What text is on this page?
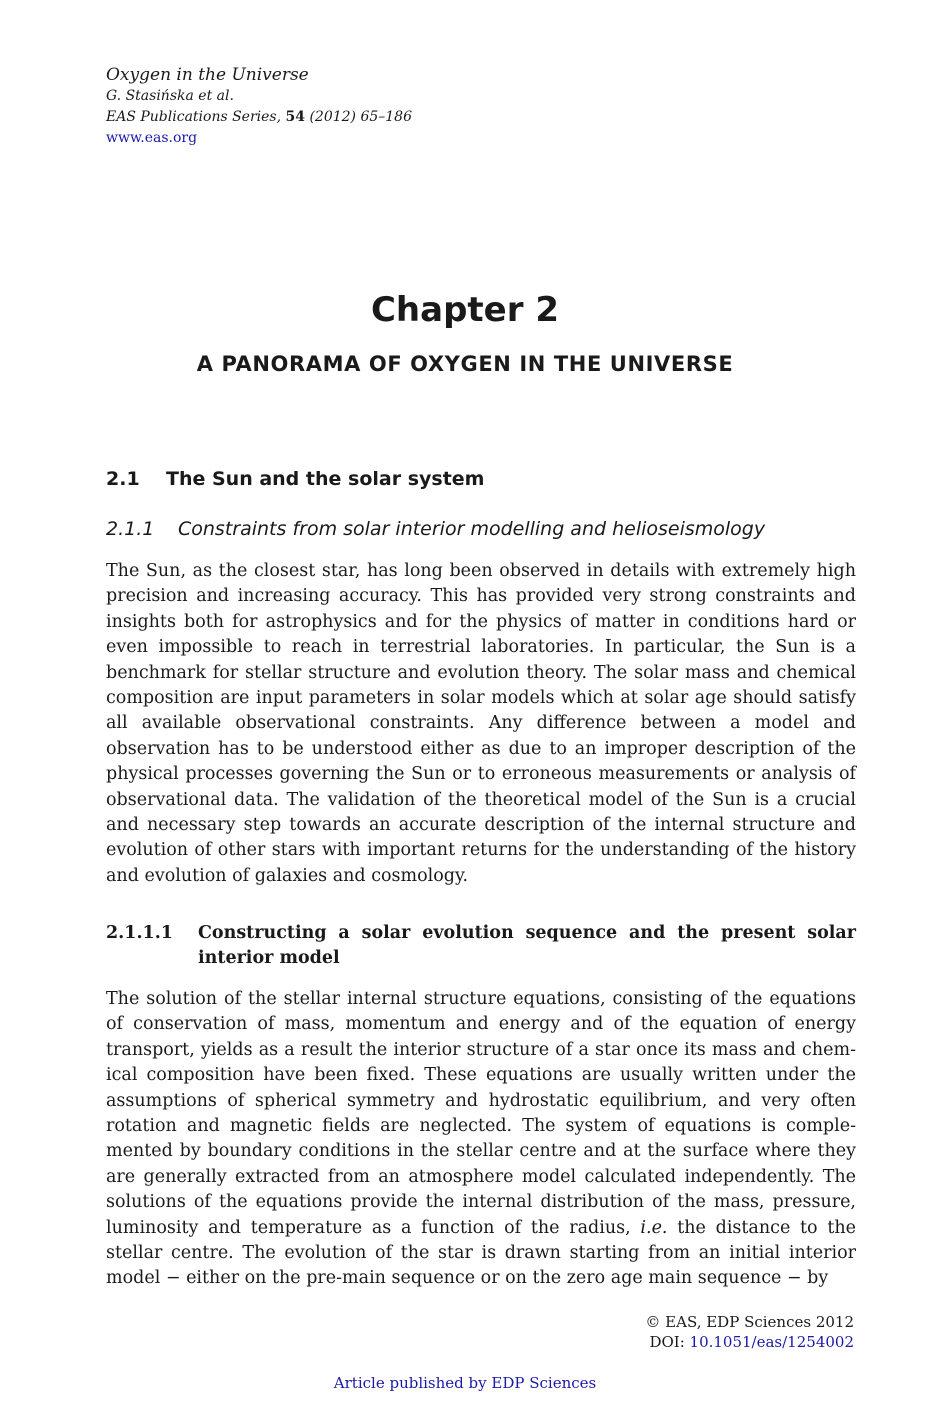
Oxygen in the Universe
G. Stasińska et al.
EAS Publications Series, 54 (2012) 65–186
www.eas.org
Chapter 2
A PANORAMA OF OXYGEN IN THE UNIVERSE
2.1 The Sun and the solar system
2.1.1 Constraints from solar interior modelling and helioseismology

The Sun, as the closest star, has long been observed in details with extremely high precision and increasing accuracy. This has provided very strong constraints and insights both for astrophysics and for the physics of matter in conditions hard or even impossible to reach in terrestrial laboratories. In particular, the Sun is a benchmark for stellar structure and evolution theory. The solar mass and chemical composition are input parameters in solar models which at solar age should satisfy all available observational constraints. Any difference between a model and observation has to be understood either as due to an improper description of the physical processes governing the Sun or to erroneous measurements or analysis of observational data. The validation of the theoretical model of the Sun is a crucial and necessary step towards an accurate description of the internal structure and evolution of other stars with important returns for the understanding of the history and evolution of galaxies and cosmology.

2.1.1.1	Constructing a solar evolution sequence and the present solar interior model

The solution of the stellar internal structure equations, consisting of the equations of conservation of mass, momentum and energy and of the equation of energy transport, yields as a result the interior structure of a star once its mass and chemical composition have been fixed. These equations are usually written under the assumptions of spherical symmetry and hydrostatic equilibrium, and very often rotation and magnetic fields are neglected. The system of equations is complemented by boundary conditions in the stellar centre and at the surface where they are generally extracted from an atmosphere model calculated independently. The solutions of the equations provide the internal distribution of the mass, pressure, luminosity and temperature as a function of the radius, i.e. the distance to the stellar centre. The evolution of the star is drawn starting from an initial interior model − either on the pre-main sequence or on the zero age main sequence − by

© EAS, EDP Sciences 2012
DOI: 10.1051/eas/1254002
Article published by EDP Sciences
